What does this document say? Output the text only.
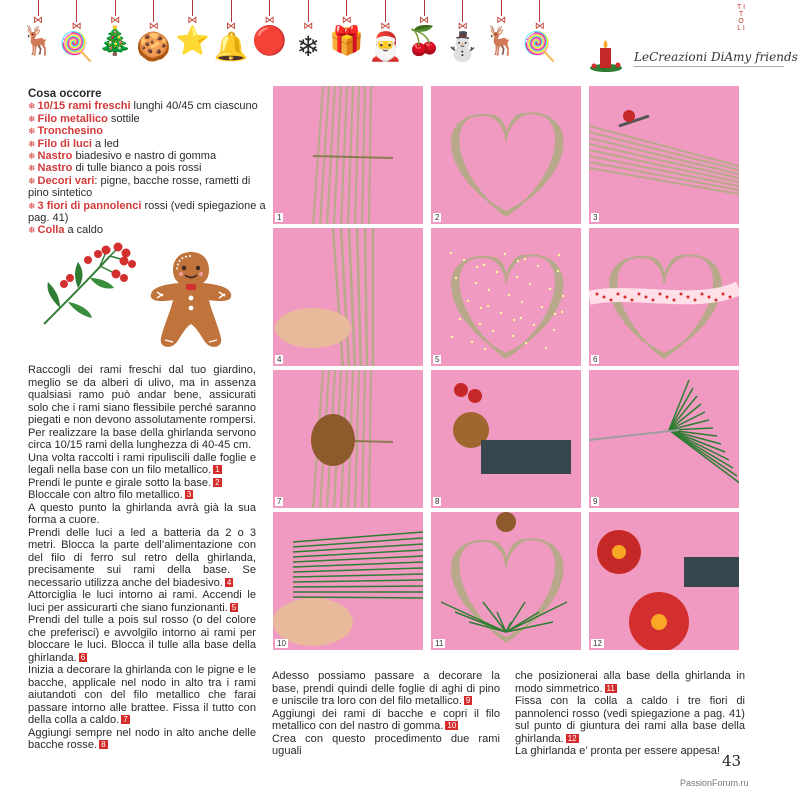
⋈
🦌	⋈
🍭
⋈
🎄	⋈
🍪
⋈
⭐	⋈
🔔
⋈
🔴	⋈
❄
⋈
🎁	⋈
🎅
⋈
🍒	⋈
⛄
⋈
🦌	⋈
🍭
T I T O L I
LeCreazioni DiAmy friends
Cosa occorre
❄ 10/15 rami freschi lunghi 40/45 cm ciascuno
❄ Filo metallico sottile
❄ Tronchesino
❄ Filo di luci a led
❄ Nastro biadesivo e nastro di gomma
❄ Nastro di tulle bianco a pois rossi
❄ Decori vari: pigne, bacche rosse, rametti di pino sintetico
❄ 3 fiori di pannolenci rossi (vedi spiegazione a pag. 41)
❄ Colla a caldo

Raccogli dei rami freschi dal tuo giardino, meglio se da alberi di ulivo, ma in assenza qualsiasi ramo può andar bene, assicurati solo che i rami siano flessibile perché saranno piegati e non devono assolutamente rompersi. Per realizzare la base della ghirlanda servono circa 10/15 rami della lunghezza di 40-45 cm.

Una volta raccolti i rami ripuliscili dalle foglie e legali nella base con un filo metallico. 1

Prendi le punte e girale sotto la base. 2

Bloccale con altro filo metallico. 3

A questo punto la ghirlanda avrà già la sua forma a cuore.

Prendi delle luci a led a batteria da 2 o 3 metri. Blocca la parte dell’alimentazione con del filo di ferro sul retro della ghirlanda, precisamente sui rami della base. Se necessario utilizza anche del biadesivo. 4

Attorciglia le luci intorno ai rami. Accendi le luci per assicurarti che siano funzionanti. 5

Prendi del tulle a pois sul rosso (o del colore che preferisci) e avvolgilo intorno ai rami per bloccare le luci. Blocca il tulle alla base della ghirlanda. 6

Inizia a decorare la ghirlanda con le pigne e le bacche, applicale nel nodo in alto tra i rami aiutandoti con del filo metallico che farai passare intorno alle brattee. Fissa il tutto con della colla a caldo. 7

Aggiungi sempre nel nodo in alto anche delle bacche rosse. 8

Adesso possiamo passare a decorare la base, prendi quindi delle foglie di aghi di pino e uniscile tra loro con del filo metallico. 9

Aggiungi dei rami di bacche e copri il filo metallico con del nastro di gomma. 10

Crea con questo procedimento due rami uguali

che posizionerai alla base della ghirlanda in modo simmetrico. 11

Fissa con la colla a caldo i tre fiori di pannolenci rosso (vedi spiegazione a pag. 41) sul punto di giuntura dei rami alla base della ghirlanda. 12

La ghirlanda e’ pronta per essere appesa!

1	2	3
4	5	6
7	8	9
10	11	12
43
PassionForum.ru
